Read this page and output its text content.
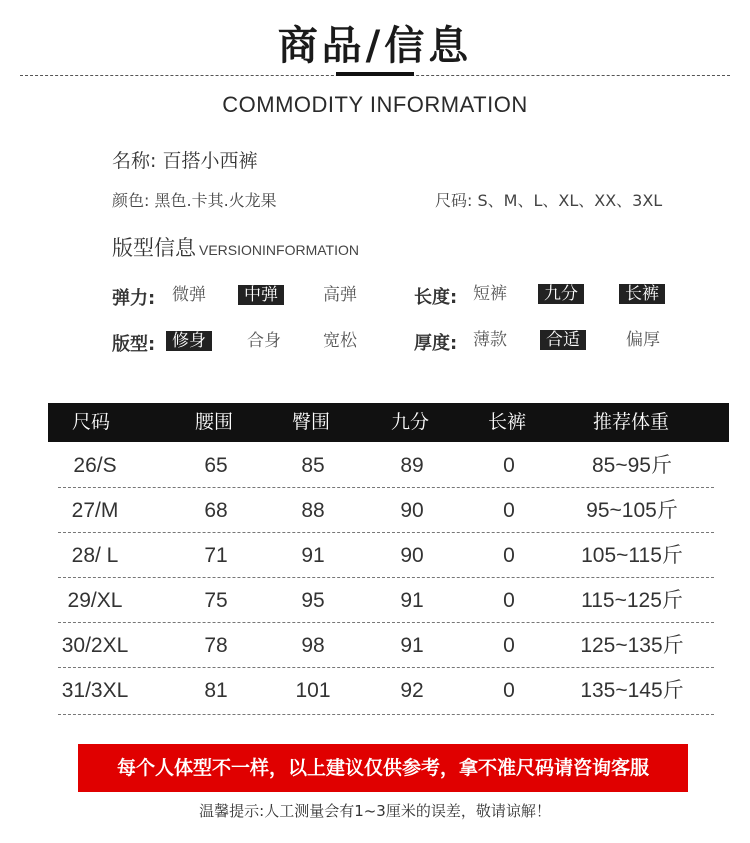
商品/信息

COMMODITY INFORMATION

名称: 百搭小西裤
颜色: 黑色.卡其.火龙果	尺码: S、M、L、XL、XX、3XL
版型信息 VERSIONINFORMATION
弹力: 微弹	中弹	高弹	长度: 短裤	九分	长裤
版型: 修身	合身 宽松	厚度: 薄款	合适	偏厚
尺码	腰围	臀围	九分	长裤	推荐体重
26/S	65	85	89	0	85~95斤
27/M	68	88	90	0	95~105斤
28/ L	71	91	90	0	105~115斤
29/XL	75	95	91	0	115~125斤
30/2XL	78	98	91	0	125~135斤
31/3XL	81	101	92	0	135~145斤
每个人体型不一样，以上建议仅供参考，拿不准尺码请咨询客服
温馨提示:人工测量会有1~3厘米的误差，敬请谅解！
